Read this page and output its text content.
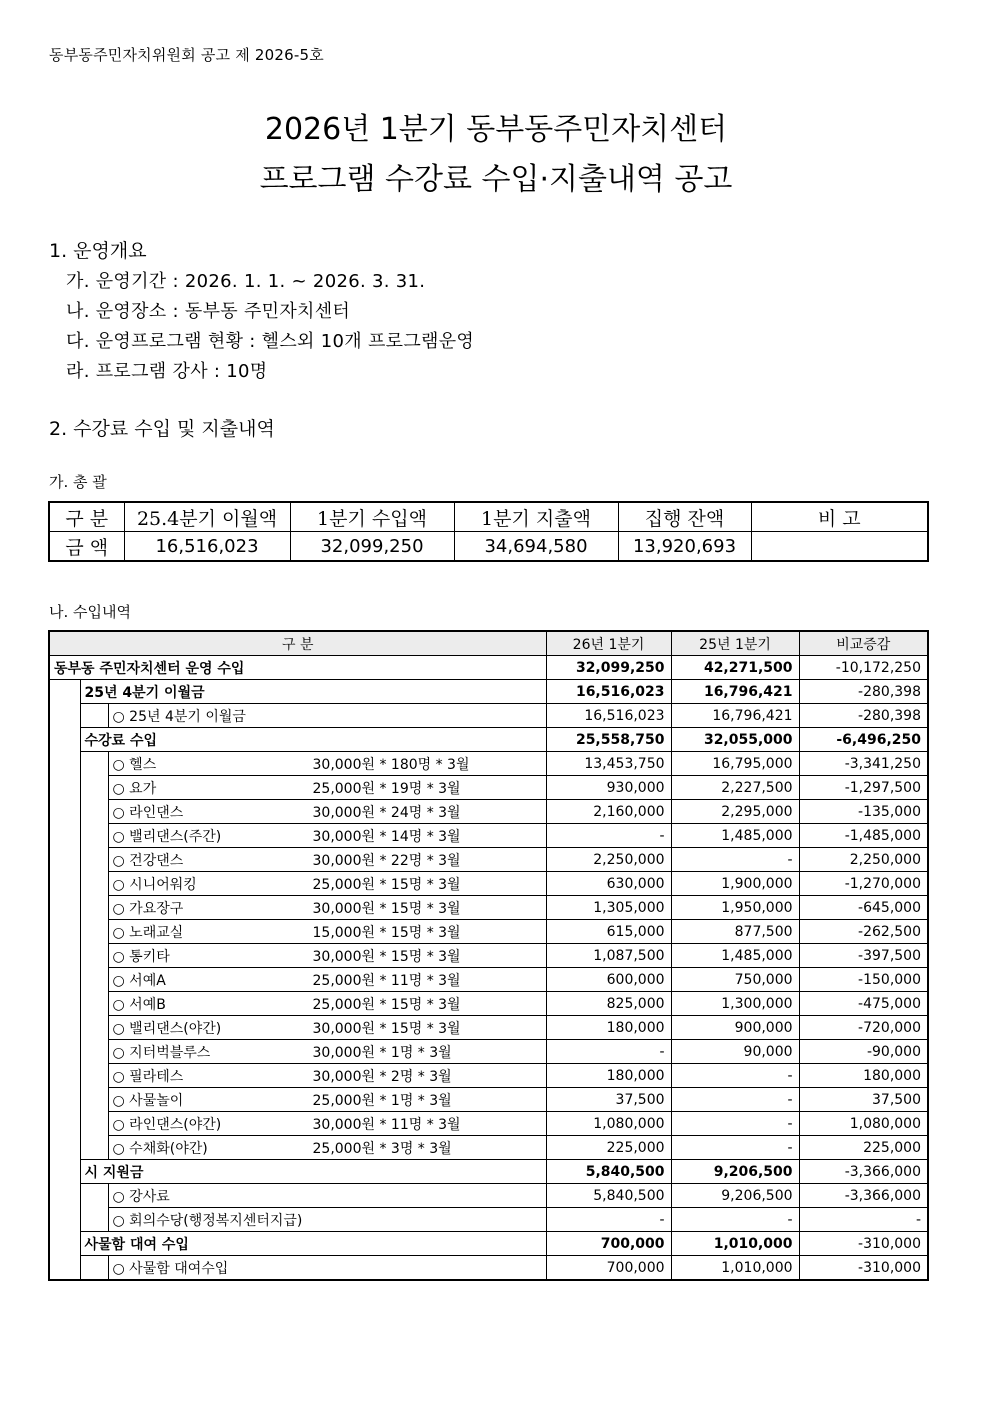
동부동주민자치위원회 공고 제 2026-5호
2026년 1분기 동부동주민자치센터
프로그램 수강료 수입·지출내역 공고
1. 운영개요
가. 운영기간 : 2026. 1. 1. ~ 2026. 3. 31.
나. 운영장소 : 동부동 주민자치센터
다. 운영프로그램 현황 : 헬스외 10개 프로그램운영
라. 프로그램 강사 : 10명
2. 수강료 수입 및 지출내역
가. 총 괄
구 분	25.4분기 이월액	1분기 수입액	1분기 지출액	집행 잔액	비 고
금 액	16,516,023	32,099,250	34,694,580	13,920,693	
나. 수입내역
구 분			26년 1분기	25년 1분기	비교증감
동부동 주민자치센터 운영 수입			32,099,250	42,271,500	-10,172,250
	25년 4분기 이월금		16,516,023	16,796,421	-280,398
		○ 25년 4분기 이월금	16,516,023	16,796,421	-280,398
	수강료 수입		25,558,750	32,055,000	-6,496,250
		○ 헬스 30,000원 * 180명 * 3월	13,453,750	16,795,000	-3,341,250
		○ 요가 25,000원 * 19명 * 3월	930,000	2,227,500	-1,297,500
		○ 라인댄스 30,000원 * 24명 * 3월	2,160,000	2,295,000	-135,000
		○ 밸리댄스(주간) 30,000원 * 14명 * 3월	-	1,485,000	-1,485,000
		○ 건강댄스 30,000원 * 22명 * 3월	2,250,000	-	2,250,000
		○ 시니어워킹 25,000원 * 15명 * 3월	630,000	1,900,000	-1,270,000
		○ 가요장구 30,000원 * 15명 * 3월	1,305,000	1,950,000	-645,000
		○ 노래교실 15,000원 * 15명 * 3월	615,000	877,500	-262,500
		○ 통키타 30,000원 * 15명 * 3월	1,087,500	1,485,000	-397,500
		○ 서예A 25,000원 * 11명 * 3월	600,000	750,000	-150,000
		○ 서예B 25,000원 * 15명 * 3월	825,000	1,300,000	-475,000
		○ 밸리댄스(야간) 30,000원 * 15명 * 3월	180,000	900,000	-720,000
		○ 지터벅블루스 30,000원 * 1명 * 3월	-	90,000	-90,000
		○ 필라테스 30,000원 * 2명 * 3월	180,000	-	180,000
		○ 사물놀이 25,000원 * 1명 * 3월	37,500	-	37,500
		○ 라인댄스(야간) 30,000원 * 11명 * 3월	1,080,000	-	1,080,000
		○ 수채화(야간) 25,000원 * 3명 * 3월	225,000	-	225,000
	시 지원금		5,840,500	9,206,500	-3,366,000
		○ 강사료	5,840,500	9,206,500	-3,366,000
		○ 회의수당(행정복지센터지급)	-	-	-
	사물함 대여 수입		700,000	1,010,000	-310,000
		○ 사물함 대여수입	700,000	1,010,000	-310,000
